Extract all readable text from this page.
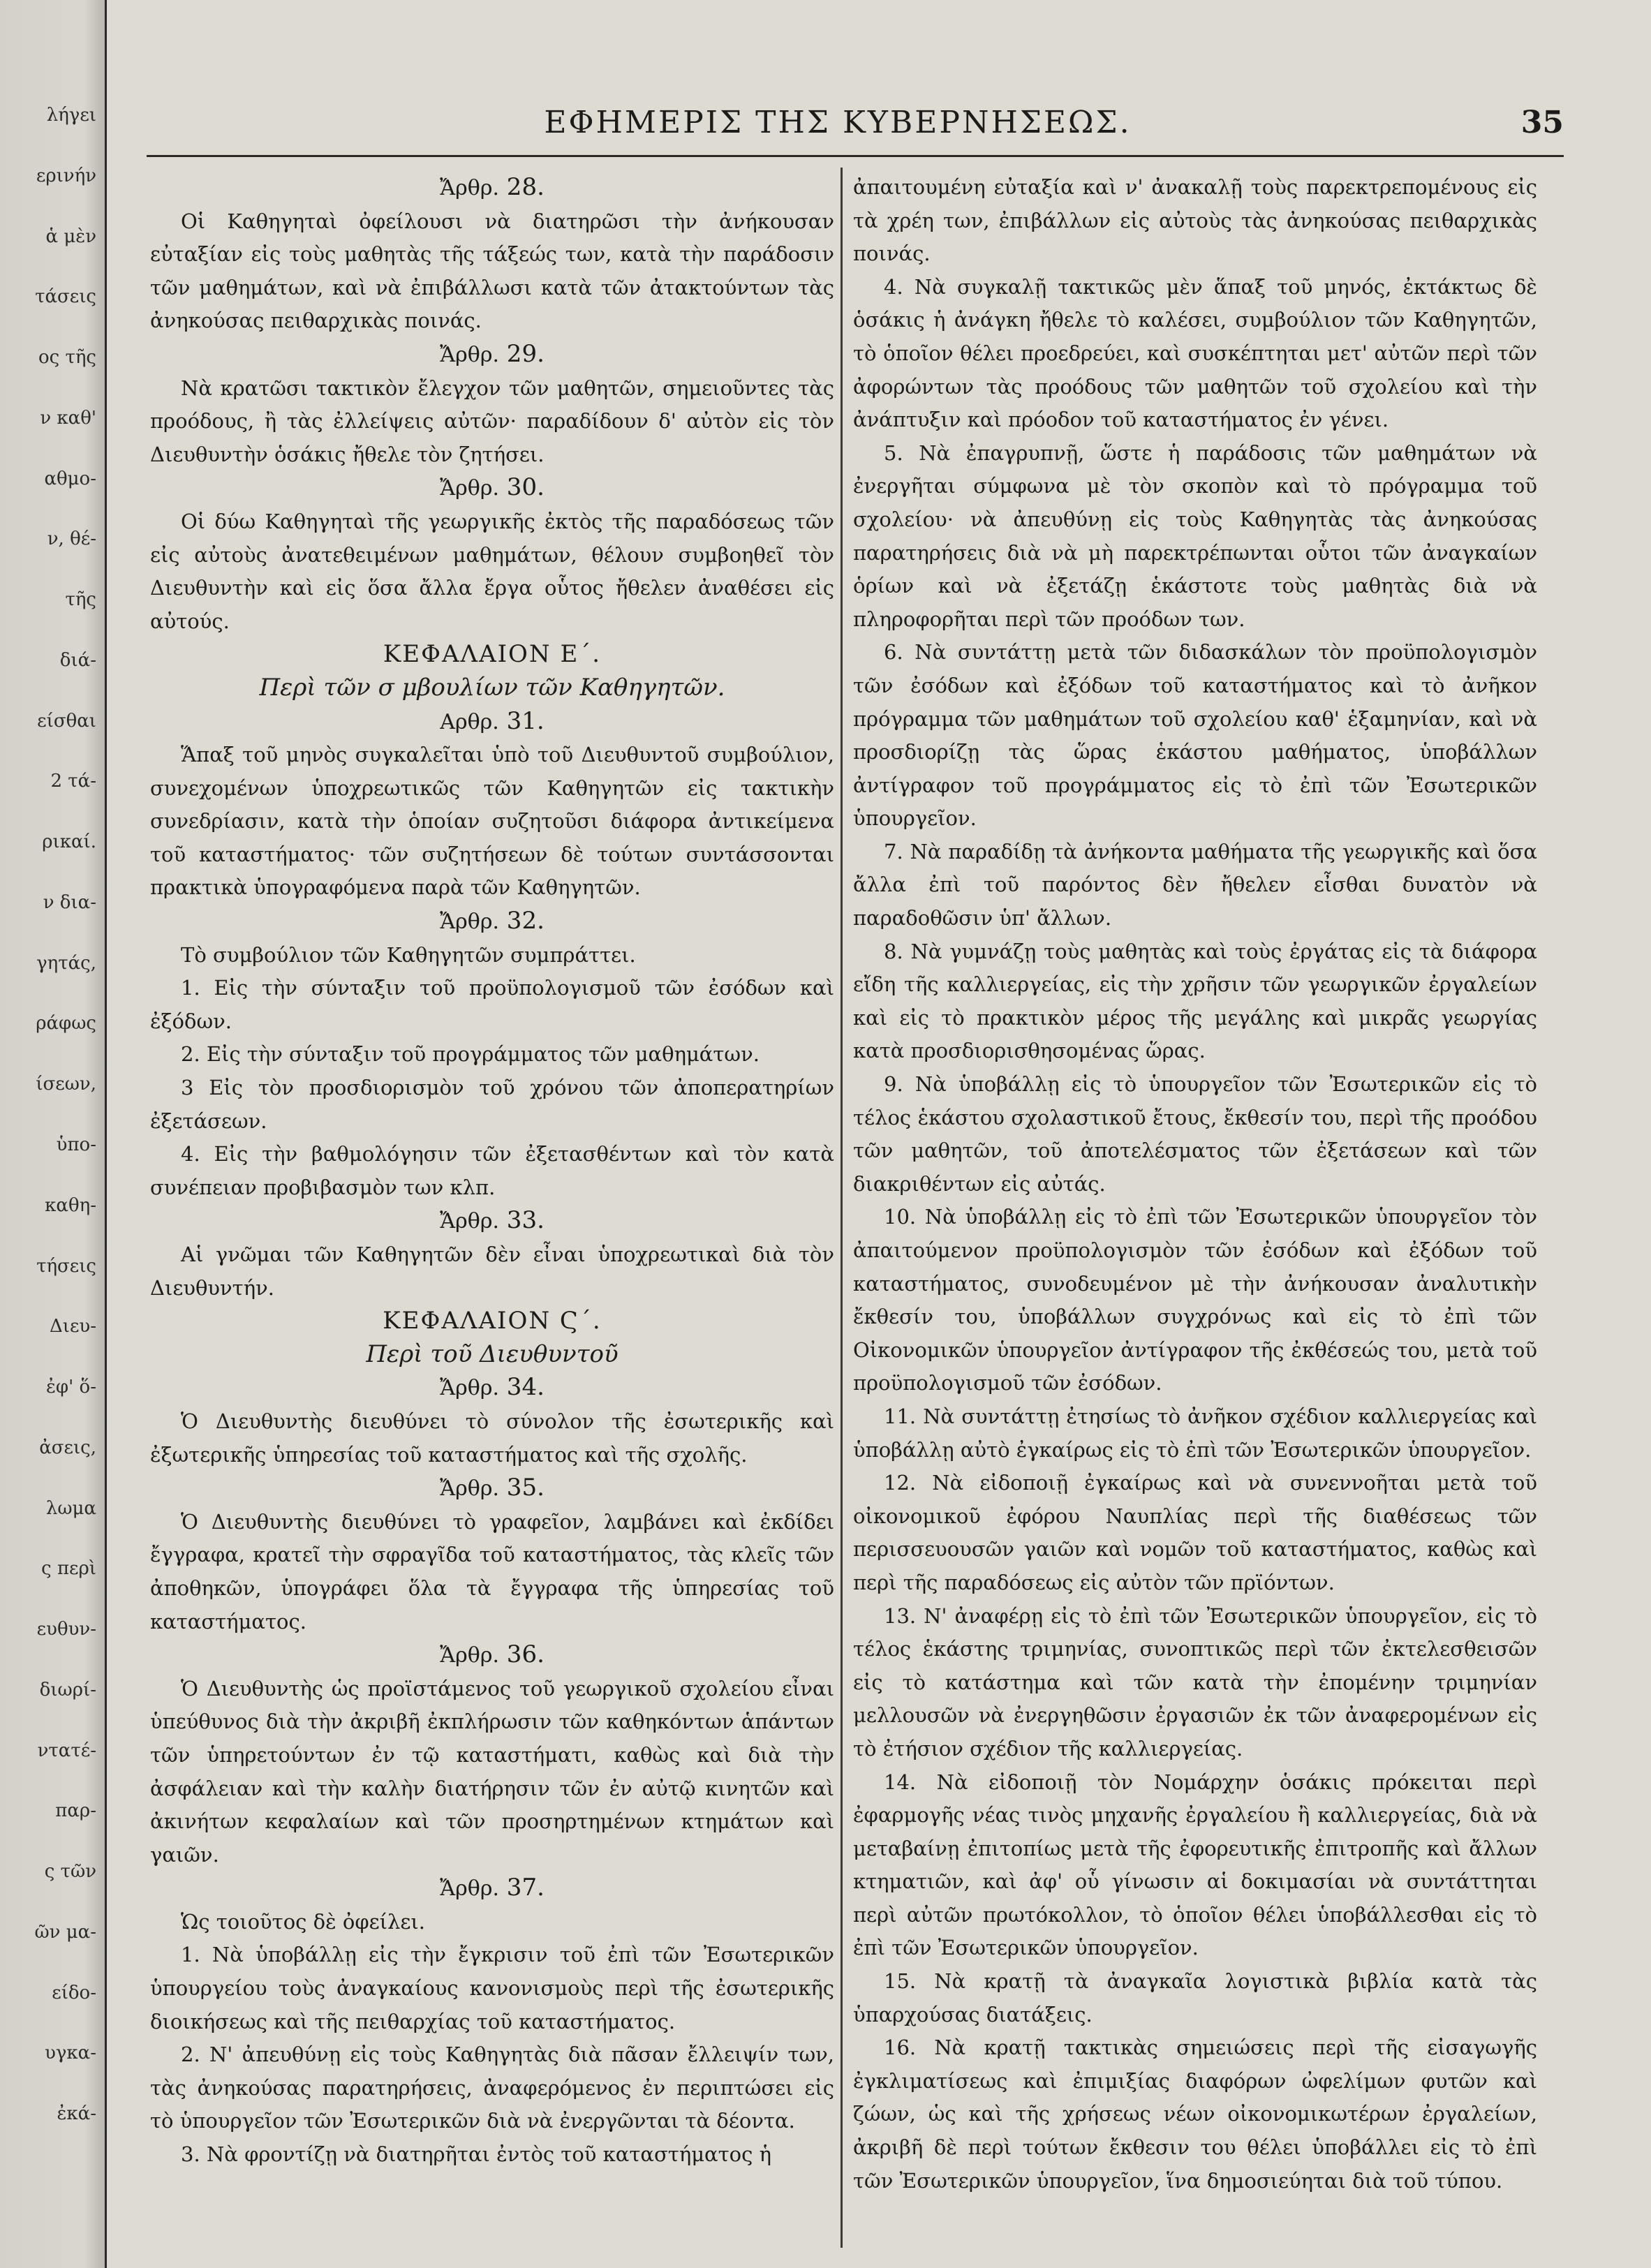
λήγει
ερινήν
ἁ μὲν
τάσεις
ος τῆς
ν καθ'
αθμο-
ν, θέ-
τῆς
διά-
είσθαι
2 τά-
ρικαί.
ν δια-
γητάς,
ράφως
ίσεων,
ὑπο-
καθη-
τήσεις
Διευ-
ἐφ' ὅ-
ἀσεις,
λωμα
ς περὶ
ευθυν-
διωρί-
ντατέ-
παρ-
ς τῶν
ῶν μα-
είδο-
υγκα-
ἐκά-
ΕΦΗΜΕΡΙΣ ΤΗΣ ΚΥΒΕΡΝΗΣΕΩΣ.	35

Ἄρθρ. 28.

Οἱ Καθηγηταὶ ὀφείλουσι νὰ διατηρῶσι τὴν ἀνήκουσαν εὐταξίαν εἰς τοὺς μαθητὰς τῆς τάξεώς των, κατὰ τὴν παράδοσιν τῶν μαθημάτων, καὶ νὰ ἐπιβάλλωσι κατὰ τῶν ἀτακτούντων τὰς ἀνηκούσας πειθαρχικὰς ποινάς.

Ἄρθρ. 29.

Νὰ κρατῶσι τακτικὸν ἔλεγχον τῶν μαθητῶν, σημειοῦντες τὰς προόδους, ἢ τὰς ἐλλείψεις αὐτῶν· παραδίδουν δ' αὐτὸν εἰς τὸν Διευθυντὴν ὁσάκις ἤθελε τὸν ζητήσει.

Ἄρθρ. 30.

Οἱ δύω Καθηγηταὶ τῆς γεωργικῆς ἐκτὸς τῆς παραδόσεως τῶν εἰς αὐτοὺς ἀνατεθειμένων μαθημάτων, θέλουν συμβοηθεῖ τὸν Διευθυντὴν καὶ εἰς ὅσα ἄλλα ἔργα οὗτος ἤθελεν ἀναθέσει εἰς αὐτούς.

ΚΕΦΑΛΑΙΟΝ Ε΄.

Περὶ τῶν σ μβουλίων τῶν Καθηγητῶν.

Αρθρ. 31.

Ἅπαξ τοῦ μηνὸς συγκαλεῖται ὑπὸ τοῦ Διευθυντοῦ συμβούλιον, συνεχομένων ὑποχρεωτικῶς τῶν Καθηγητῶν εἰς τακτικὴν συνεδρίασιν, κατὰ τὴν ὁποίαν συζητοῦσι διάφορα ἀντικείμενα τοῦ καταστήματος· τῶν συζητήσεων δὲ τούτων συντάσσονται πρακτικὰ ὑπογραφόμενα παρὰ τῶν Καθηγητῶν.

Ἄρθρ. 32.

Τὸ συμβούλιον τῶν Καθηγητῶν συμπράττει.

1. Εἰς τὴν σύνταξιν τοῦ προϋπολογισμοῦ τῶν ἐσόδων καὶ ἐξόδων.

2. Εἰς τὴν σύνταξιν τοῦ προγράμματος τῶν μαθημάτων.

3 Εἰς τὸν προσδιορισμὸν τοῦ χρόνου τῶν ἀποπερατηρίων ἐξετάσεων.

4. Εἰς τὴν βαθμολόγησιν τῶν ἐξετασθέντων καὶ τὸν κατὰ συνέπειαν προβιβασμὸν των κλπ.

Ἄρθρ. 33.

Αἱ γνῶμαι τῶν Καθηγητῶν δὲν εἶναι ὑποχρεωτικαὶ διὰ τὸν Διευθυντήν.

ΚΕΦΑΛΑΙΟΝ Ϛ΄.

Περὶ τοῦ Διευθυντοῦ

Ἄρθρ. 34.

Ὁ Διευθυντὴς διευθύνει τὸ σύνολον τῆς ἐσωτερικῆς καὶ ἐξωτερικῆς ὑπηρεσίας τοῦ καταστήματος καὶ τῆς σχολῆς.

Ἄρθρ. 35.

Ὁ Διευθυντὴς διευθύνει τὸ γραφεῖον, λαμβάνει καὶ ἐκδίδει ἔγγραφα, κρατεῖ τὴν σφραγῖδα τοῦ καταστήματος, τὰς κλεῖς τῶν ἀποθηκῶν, ὑπογράφει ὅλα τὰ ἔγγραφα τῆς ὑπηρεσίας τοῦ καταστήματος.

Ἄρθρ. 36.

Ὁ Διευθυντὴς ὡς προϊστάμενος τοῦ γεωργικοῦ σχολείου εἶναι ὑπεύθυνος διὰ τὴν ἀκριβῆ ἐκπλήρωσιν τῶν καθηκόντων ἁπάντων τῶν ὑπηρετούντων ἐν τῷ καταστήματι, καθὼς καὶ διὰ τὴν ἀσφάλειαν καὶ τὴν καλὴν διατήρησιν τῶν ἐν αὐτῷ κινητῶν καὶ ἀκινήτων κεφαλαίων καὶ τῶν προσηρτημένων κτημάτων καὶ γαιῶν.

Ἄρθρ. 37.

Ὡς τοιοῦτος δὲ ὀφείλει.

1. Νὰ ὑποβάλλῃ εἰς τὴν ἔγκρισιν τοῦ ἐπὶ τῶν Ἐσωτερικῶν ὑπουργείου τοὺς ἀναγκαίους κανονισμοὺς περὶ τῆς ἐσωτερικῆς διοικήσεως καὶ τῆς πειθαρχίας τοῦ καταστήματος.

2. Ν' ἀπευθύνῃ εἰς τοὺς Καθηγητὰς διὰ πᾶσαν ἔλλειψίν των, τὰς ἀνηκούσας παρατηρήσεις, ἀναφερόμενος ἐν περιπτώσει εἰς τὸ ὑπουργεῖον τῶν Ἐσωτερικῶν διὰ νὰ ἐνεργῶνται τὰ δέοντα.

3. Νὰ φροντίζῃ νὰ διατηρῆται ἐντὸς τοῦ καταστήματος ἡ

ἀπαιτουμένη εὐταξία καὶ ν' ἀνακαλῇ τοὺς παρεκτρεπομένους εἰς τὰ χρέη των, ἐπιβάλλων εἰς αὐτοὺς τὰς ἀνηκούσας πειθαρχικὰς ποινάς.

4. Νὰ συγκαλῇ τακτικῶς μὲν ἅπαξ τοῦ μηνός, ἐκτάκτως δὲ ὁσάκις ἡ ἀνάγκη ἤθελε τὸ καλέσει, συμβούλιον τῶν Καθηγητῶν, τὸ ὁποῖον θέλει προεδρεύει, καὶ συσκέπτηται μετ' αὐτῶν περὶ τῶν ἀφορώντων τὰς προόδους τῶν μαθητῶν τοῦ σχολείου καὶ τὴν ἀνάπτυξιν καὶ πρόοδον τοῦ καταστήματος ἐν γένει.

5. Νὰ ἐπαγρυπνῇ, ὥστε ἡ παράδοσις τῶν μαθημάτων νὰ ἐνεργῆται σύμφωνα μὲ τὸν σκοπὸν καὶ τὸ πρόγραμμα τοῦ σχολείου· νὰ ἀπευθύνῃ εἰς τοὺς Καθηγητὰς τὰς ἀνηκούσας παρατηρήσεις διὰ νὰ μὴ παρεκτρέπωνται οὗτοι τῶν ἀναγκαίων ὁρίων καὶ νὰ ἐξετάζῃ ἑκάστοτε τοὺς μαθητὰς διὰ νὰ πληροφορῆται περὶ τῶν προόδων των.

6. Νὰ συντάττῃ μετὰ τῶν διδασκάλων τὸν προϋπολογισμὸν τῶν ἐσόδων καὶ ἐξόδων τοῦ καταστήματος καὶ τὸ ἀνῆκον πρόγραμμα τῶν μαθημάτων τοῦ σχολείου καθ' ἑξαμηνίαν, καὶ νὰ προσδιορίζῃ τὰς ὥρας ἑκάστου μαθήματος, ὑποβάλλων ἀντίγραφον τοῦ προγράμματος εἰς τὸ ἐπὶ τῶν Ἐσωτερικῶν ὑπουργεῖον.

7. Νὰ παραδίδῃ τὰ ἀνήκοντα μαθήματα τῆς γεωργικῆς καὶ ὅσα ἄλλα ἐπὶ τοῦ παρόντος δὲν ἤθελεν εἶσθαι δυνατὸν νὰ παραδοθῶσιν ὑπ' ἄλλων.

8. Νὰ γυμνάζῃ τοὺς μαθητὰς καὶ τοὺς ἐργάτας εἰς τὰ διάφορα εἴδη τῆς καλλιεργείας, εἰς τὴν χρῆσιν τῶν γεωργικῶν ἐργαλείων καὶ εἰς τὸ πρακτικὸν μέρος τῆς μεγάλης καὶ μικρᾶς γεωργίας κατὰ προσδιορισθησομένας ὥρας.

9. Νὰ ὑποβάλλῃ εἰς τὸ ὑπουργεῖον τῶν Ἐσωτερικῶν εἰς τὸ τέλος ἑκάστου σχολαστικοῦ ἔτους, ἔκθεσίν του, περὶ τῆς προόδου τῶν μαθητῶν, τοῦ ἀποτελέσματος τῶν ἐξετάσεων καὶ τῶν διακριθέντων εἰς αὐτάς.

10. Νὰ ὑποβάλλῃ εἰς τὸ ἐπὶ τῶν Ἐσωτερικῶν ὑπουργεῖον τὸν ἀπαιτούμενον προϋπολογισμὸν τῶν ἐσόδων καὶ ἐξόδων τοῦ καταστήματος, συνοδευμένον μὲ τὴν ἀνήκουσαν ἀναλυτικὴν ἔκθεσίν του, ὑποβάλλων συγχρόνως καὶ εἰς τὸ ἐπὶ τῶν Οἰκονομικῶν ὑπουργεῖον ἀντίγραφον τῆς ἐκθέσεώς του, μετὰ τοῦ προϋπολογισμοῦ τῶν ἐσόδων.

11. Νὰ συντάττῃ ἐτησίως τὸ ἀνῆκον σχέδιον καλλιεργείας καὶ ὑποβάλλῃ αὐτὸ ἐγκαίρως εἰς τὸ ἐπὶ τῶν Ἐσωτερικῶν ὑπουργεῖον.

12. Νὰ εἰδοποιῇ ἐγκαίρως καὶ νὰ συνεννοῆται μετὰ τοῦ οἰκονομικοῦ ἐφόρου Ναυπλίας περὶ τῆς διαθέσεως τῶν περισσευουσῶν γαιῶν καὶ νομῶν τοῦ καταστήματος, καθὼς καὶ περὶ τῆς παραδόσεως εἰς αὐτὸν τῶν πρϊόντων.

13. Ν' ἀναφέρῃ εἰς τὸ ἐπὶ τῶν Ἐσωτερικῶν ὑπουργεῖον, εἰς τὸ τέλος ἑκάστης τριμηνίας, συνοπτικῶς περὶ τῶν ἐκτελεσθεισῶν εἰς τὸ κατάστημα καὶ τῶν κατὰ τὴν ἐπομένην τριμηνίαν μελλουσῶν νὰ ἐνεργηθῶσιν ἐργασιῶν ἐκ τῶν ἀναφερομένων εἰς τὸ ἐτήσιον σχέδιον τῆς καλλιεργείας.

14. Νὰ εἰδοποιῇ τὸν Νομάρχην ὁσάκις πρόκειται περὶ ἐφαρμογῆς νέας τινὸς μηχανῆς ἐργαλείου ἢ καλλιεργείας, διὰ νὰ μεταβαίνῃ ἐπιτοπίως μετὰ τῆς ἐφορευτικῆς ἐπιτροπῆς καὶ ἄλλων κτηματιῶν, καὶ ἀφ' οὗ γίνωσιν αἱ δοκιμασίαι νὰ συντάττηται περὶ αὐτῶν πρωτόκολλον, τὸ ὁποῖον θέλει ὑποβάλλεσθαι εἰς τὸ ἐπὶ τῶν Ἐσωτερικῶν ὑπουργεῖον.

15. Νὰ κρατῇ τὰ ἀναγκαῖα λογιστικὰ βιβλία κατὰ τὰς ὑπαρχούσας διατάξεις.

16. Νὰ κρατῇ τακτικὰς σημειώσεις περὶ τῆς εἰσαγωγῆς ἐγκλιματίσεως καὶ ἐπιμιξίας διαφόρων ὠφελίμων φυτῶν καὶ ζώων, ὡς καὶ τῆς χρήσεως νέων οἰκονομικωτέρων ἐργαλείων, ἀκριβῆ δὲ περὶ τούτων ἔκθεσιν του θέλει ὑποβάλλει εἰς τὸ ἐπὶ τῶν Ἐσωτερικῶν ὑπουργεῖον, ἵνα δημοσιεύηται διὰ τοῦ τύπου.
